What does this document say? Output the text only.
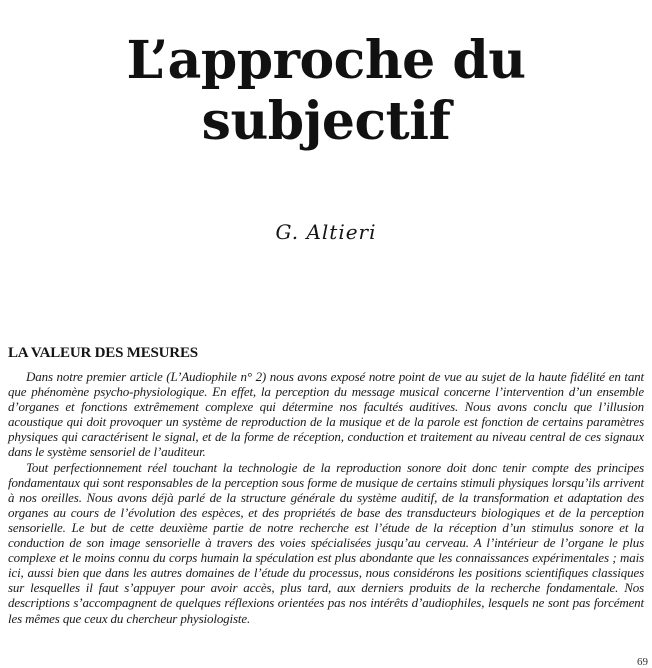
L’approche du subjectif
G. Altieri
LA VALEUR DES MESURES

Dans notre premier article (L’Audiophile n° 2) nous avons exposé notre point de vue au sujet de la haute fidélité en tant que phénomène psycho-physiologique. En effet, la perception du message musical concerne l’intervention d’un ensemble d’organes et fonctions extrêmement complexe qui détermine nos facultés auditives. Nous avons conclu que l’illusion acoustique qui doit provoquer un système de reproduction de la musique et de la parole est fonction de certains paramètres physiques qui caractérisent le signal, et de la forme de réception, conduction et traitement au niveau central de ces signaux dans le système sensoriel de l’auditeur.

Tout perfectionnement réel touchant la technologie de la reproduction sonore doit donc tenir compte des principes fondamentaux qui sont responsables de la perception sous forme de musique de certains stimuli physiques lorsqu’ils arrivent à nos oreilles. Nous avons déjà parlé de la structure générale du système auditif, de la transformation et adaptation des organes au cours de l’évolution des espèces, et des propriétés de base des transducteurs biologiques et de la perception sensorielle. Le but de cette deuxième partie de notre recherche est l’étude de la réception d’un stimulus sonore et la conduction de son image sensorielle à travers des voies spécialisées jusqu’au cerveau. A l’intérieur de l’organe le plus complexe et le moins connu du corps humain la spéculation est plus abondante que les connaissances expérimentales ; mais ici, aussi bien que dans les autres domaines de l’étude du processus, nous considérons les positions scientifiques classiques sur lesquelles il faut s’appuyer pour avoir accès, plus tard, aux derniers produits de la recherche fondamentale. Nos descriptions s’accompagnent de quelques réflexions orientées pas nos intérêts d’audiophiles, lesquels ne sont pas forcément les mêmes que ceux du chercheur physiologiste.

69
